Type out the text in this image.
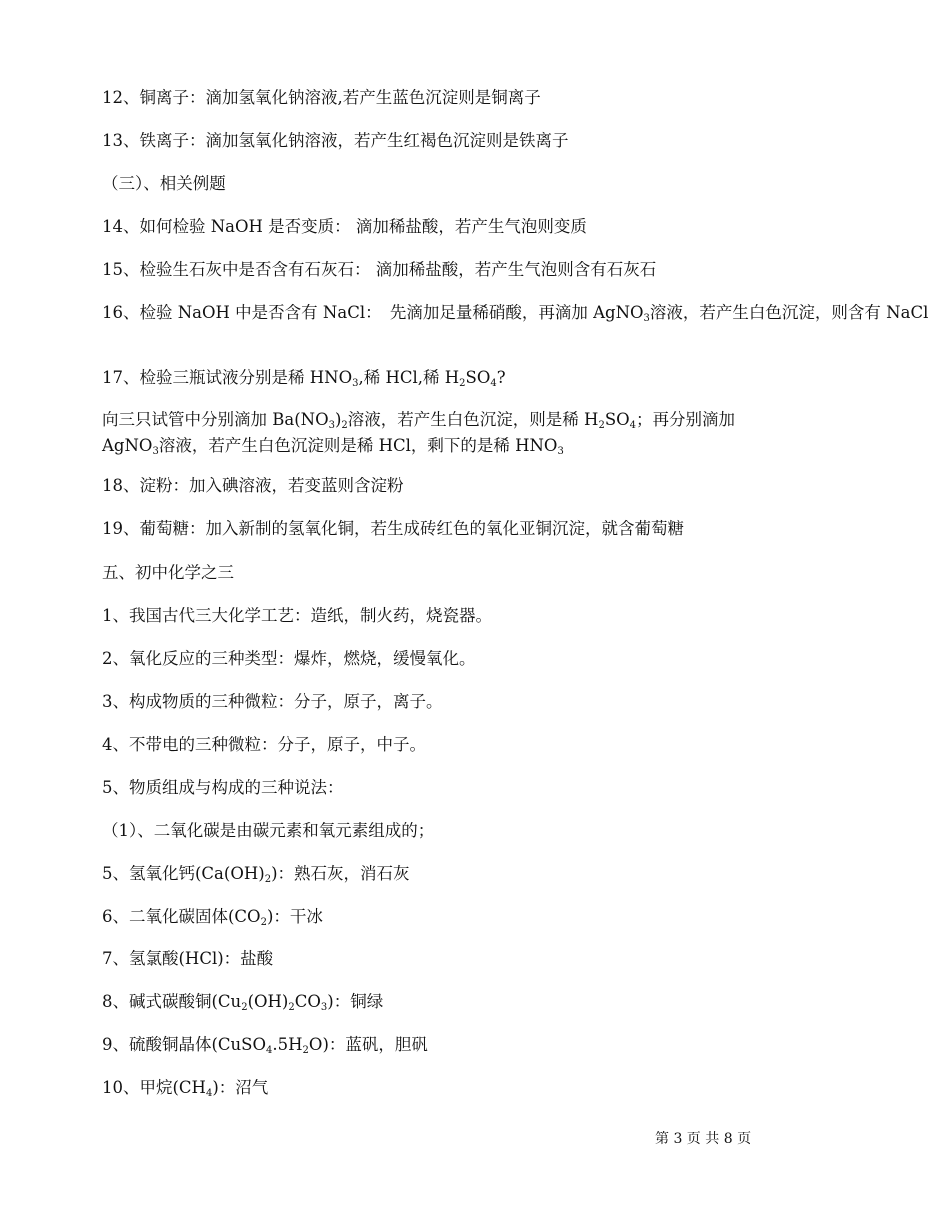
12、铜离子：滴加氢氧化钠溶液,若产生蓝色沉淀则是铜离子
13、铁离子：滴加氢氧化钠溶液，若产生红褐色沉淀则是铁离子
（三）、相关例题
14、如何检验 NaOH 是否变质： 滴加稀盐酸，若产生气泡则变质
15、检验生石灰中是否含有石灰石： 滴加稀盐酸，若产生气泡则含有石灰石
16、检验 NaOH 中是否含有 NaCl：　先滴加足量稀硝酸，再滴加 AgNO$_3$溶液，若产生白色沉淀，则含有 NaCl
17、检验三瓶试液分别是稀 $HNO_3$,稀 HCl,稀 $H_2SO_4$?
向三只试管中分别滴加 $Ba(NO_3)_2$溶液，若产生白色沉淀，则是稀 $H_2SO_4$；再分别滴加 AgNO$_3$溶液，若产生白色沉淀则是稀 HCl，剩下的是稀 $HNO_3$
18、淀粉：加入碘溶液，若变蓝则含淀粉
19、葡萄糖：加入新制的氢氧化铜，若生成砖红色的氧化亚铜沉淀，就含葡萄糖
五、初中化学之三
1、我国古代三大化学工艺：造纸，制火药，烧瓷器。
2、氧化反应的三种类型：爆炸，燃烧，缓慢氧化。
3、构成物质的三种微粒：分子，原子，离子。
4、不带电的三种微粒：分子，原子，中子。
5、物质组成与构成的三种说法：
（1）、二氧化碳是由碳元素和氧元素组成的；
5、氢氧化钙$(Ca(OH)_2)$：熟石灰，消石灰
6、二氧化碳固体$(CO_2)$：干冰
7、氢氯酸(HCl)：盐酸
8、碱式碳酸铜$(Cu_2(OH)_2CO_3)$：铜绿
9、硫酸铜晶体$(CuSO_4.5H_2O)$：蓝矾，胆矾
10、甲烷$(CH_4)$：沼气
第 3 页 共 8 页
